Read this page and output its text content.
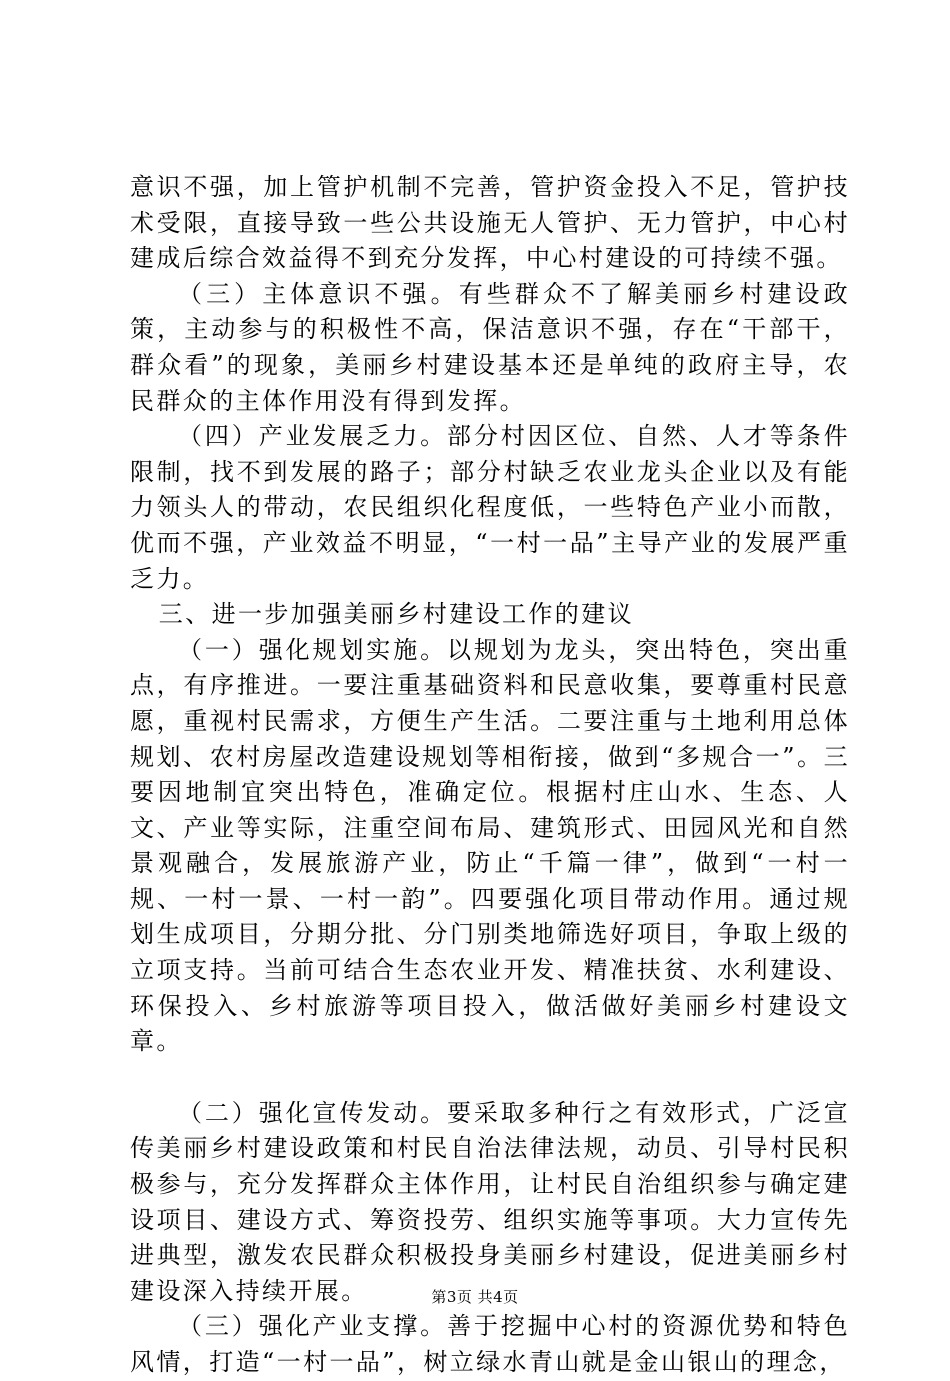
意识不强，加上管护机制不完善，管护资金投入不足，管护技术受限，直接导致一些公共设施无人管护、无力管护，中心村建成后综合效益得不到充分发挥，中心村建设的可持续不强。

（三）主体意识不强。有些群众不了解美丽乡村建设政策，主动参与的积极性不高，保洁意识不强，存在“干部干，群众看”的现象，美丽乡村建设基本还是单纯的政府主导，农民群众的主体作用没有得到发挥。

（四）产业发展乏力。部分村因区位、自然、人才等条件限制，找不到发展的路子；部分村缺乏农业龙头企业以及有能力领头人的带动，农民组织化程度低，一些特色产业小而散，优而不强，产业效益不明显，“一村一品”主导产业的发展严重乏力。

三、进一步加强美丽乡村建设工作的建议

（一）强化规划实施。以规划为龙头，突出特色，突出重点，有序推进。一要注重基础资料和民意收集，要尊重村民意愿，重视村民需求，方便生产生活。二要注重与土地利用总体规划、农村房屋改造建设规划等相衔接，做到“多规合一”。三要因地制宜突出特色，准确定位。根据村庄山水、生态、人文、产业等实际，注重空间布局、建筑形式、田园风光和自然景观融合，发展旅游产业，防止“千篇一律”，做到“一村一规、一村一景、一村一韵”。四要强化项目带动作用。通过规划生成项目，分期分批、分门别类地筛选好项目，争取上级的立项支持。当前可结合生态农业开发、精准扶贫、水利建设、环保投入、乡村旅游等项目投入，做活做好美丽乡村建设文章。

（二）强化宣传发动。要采取多种行之有效形式，广泛宣传美丽乡村建设政策和村民自治法律法规，动员、引导村民积极参与，充分发挥群众主体作用，让村民自治组织参与确定建设项目、建设方式、筹资投劳、组织实施等事项。大力宣传先进典型，激发农民群众积极投身美丽乡村建设，促进美丽乡村建设深入持续开展。

（三）强化产业支撑。善于挖掘中心村的资源优势和特色风情，打造“一村一品”，树立绿水青山就是金山银山的理念，

第3页 共4页
